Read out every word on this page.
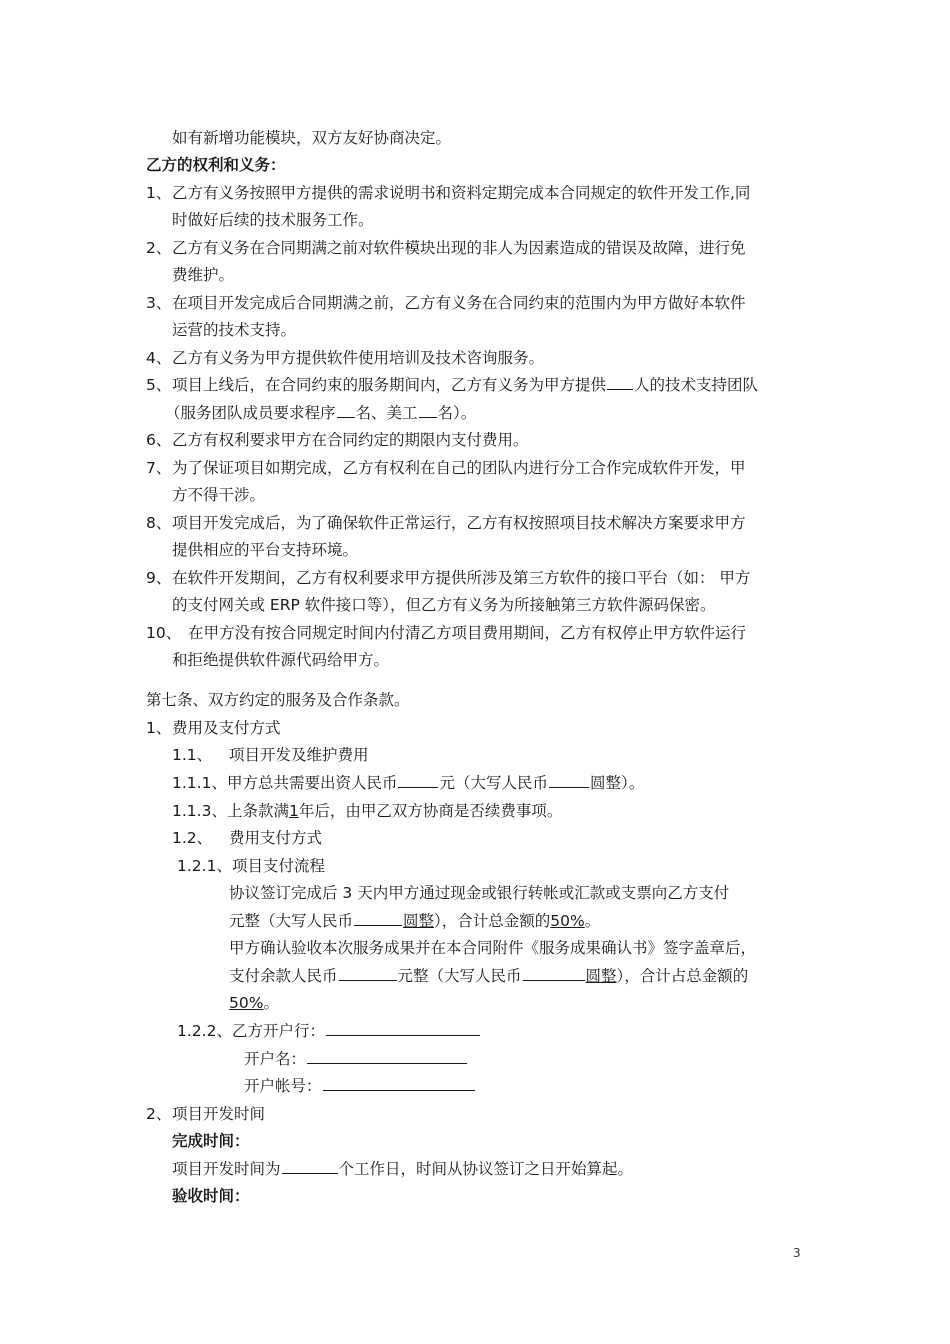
如有新增功能模块，双方友好协商决定。
乙方的权利和义务：
1、 乙方有义务按照甲方提供的需求说明书和资料定期完成本合同规定的软件开发工作,同
时做好后续的技术服务工作。
2、 乙方有义务在合同期满之前对软件模块出现的非人为因素造成的错误及故障，进行免
费维护。
3、 在项目开发完成后合同期满之前，乙方有义务在合同约束的范围内为甲方做好本软件
运营的技术支持。
4、 乙方有义务为甲方提供软件使用培训及技术咨询服务。
5、 项目上线后，在合同约束的服务期间内，乙方有义务为甲方提供 人的技术支持团队
（服务团队成员要求程序 名、美工 名）。
6、 乙方有权利要求甲方在合同约定的期限内支付费用。
7、 为了保证项目如期完成，乙方有权利在自己的团队内进行分工合作完成软件开发，甲
方不得干涉。
8、 项目开发完成后，为了确保软件正常运行，乙方有权按照项目技术解决方案要求甲方
提供相应的平台支持环境。
9、 在软件开发期间，乙方有权利要求甲方提供所涉及第三方软件的接口平台（如： 甲方
的支付网关或 ERP 软件接口等），但乙方有义务为所接触第三方软件源码保密。
10、 在甲方没有按合同规定时间内付清乙方项目费用期间，乙方有权停止甲方软件运行
和拒绝提供软件源代码给甲方。
第七条、双方约定的服务及合作条款。
1、 费用及支付方式
1.1、 项目开发及维护费用
1.1.1、甲方总共需要出资人民币	元（大写人民币	圆整）。
1.1.3、上条款满1年后，由甲乙双方协商是否续费事项。
1.2、 费用支付方式
1.2.1、项目支付流程
协议签订完成后 3 天内甲方通过现金或银行转帐或汇款或支票向乙方支付
元整（大写人民币	圆整），合计总金额的50%。
甲方确认验收本次服务成果并在本合同附件《服务成果确认书》签字盖章后，
支付余款人民币	元整（大写人民币	圆整），合计占总金额的
50%。
1.2.2、乙方开户行：
开户名：
开户帐号：
2、 项目开发时间
完成时间：
项目开发时间为	个工作日，时间从协议签订之日开始算起。
验收时间：
3
